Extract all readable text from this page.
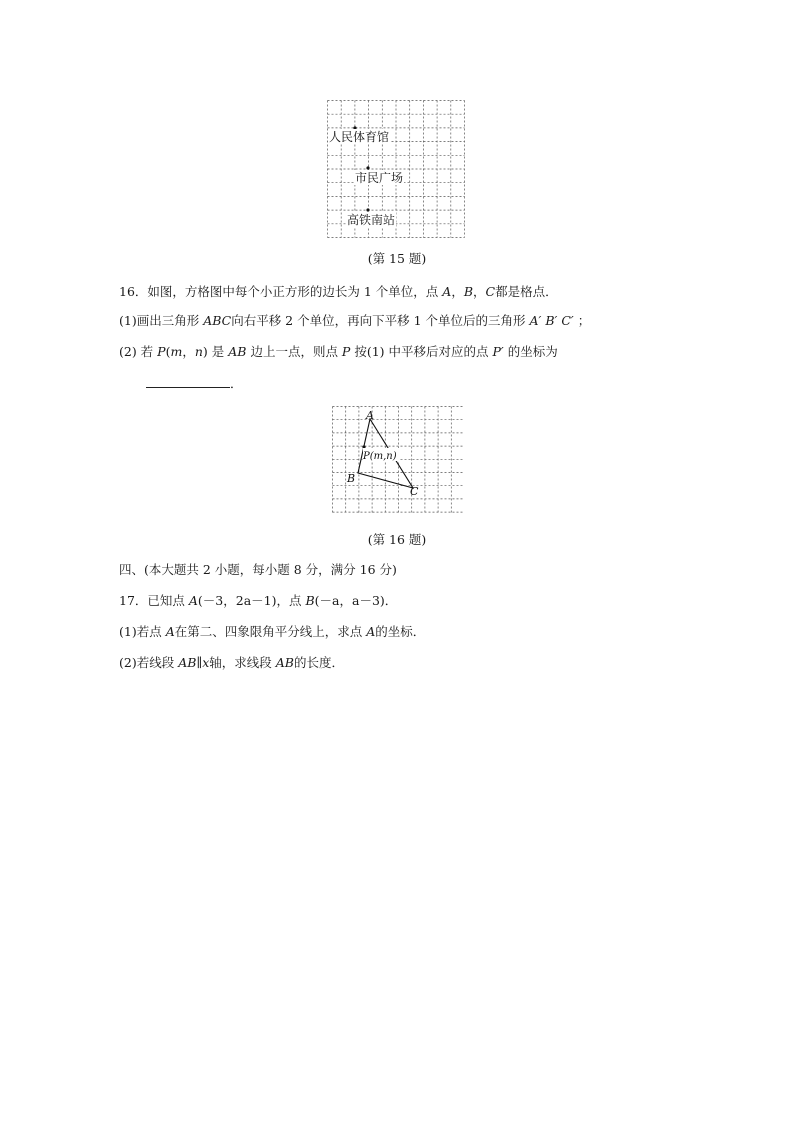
人民体育馆
市民广场
高铁南站
(第 15 题)
16．如图，方格图中每个小正方形的边长为 1 个单位，点 A，B，C都是格点．
(1)画出三角形 ABC向右平移 2 个单位，再向下平移 1 个单位后的三角形 A′ B′ C′ ；
(2) 若 P(m，n) 是 AB 边上一点，则点 P 按(1) 中平移后对应的点 P′ 的坐标为
．
A
B
C
P(m,n)
(第 16 题)
四、(本大题共 2 小题，每小题 8 分，满分 16 分)
17．已知点 A(－3，2a－1)，点 B(－a，a－3)．
(1)若点 A在第二、四象限角平分线上，求点 A的坐标．
(2)若线段 AB∥x轴，求线段 AB的长度．
